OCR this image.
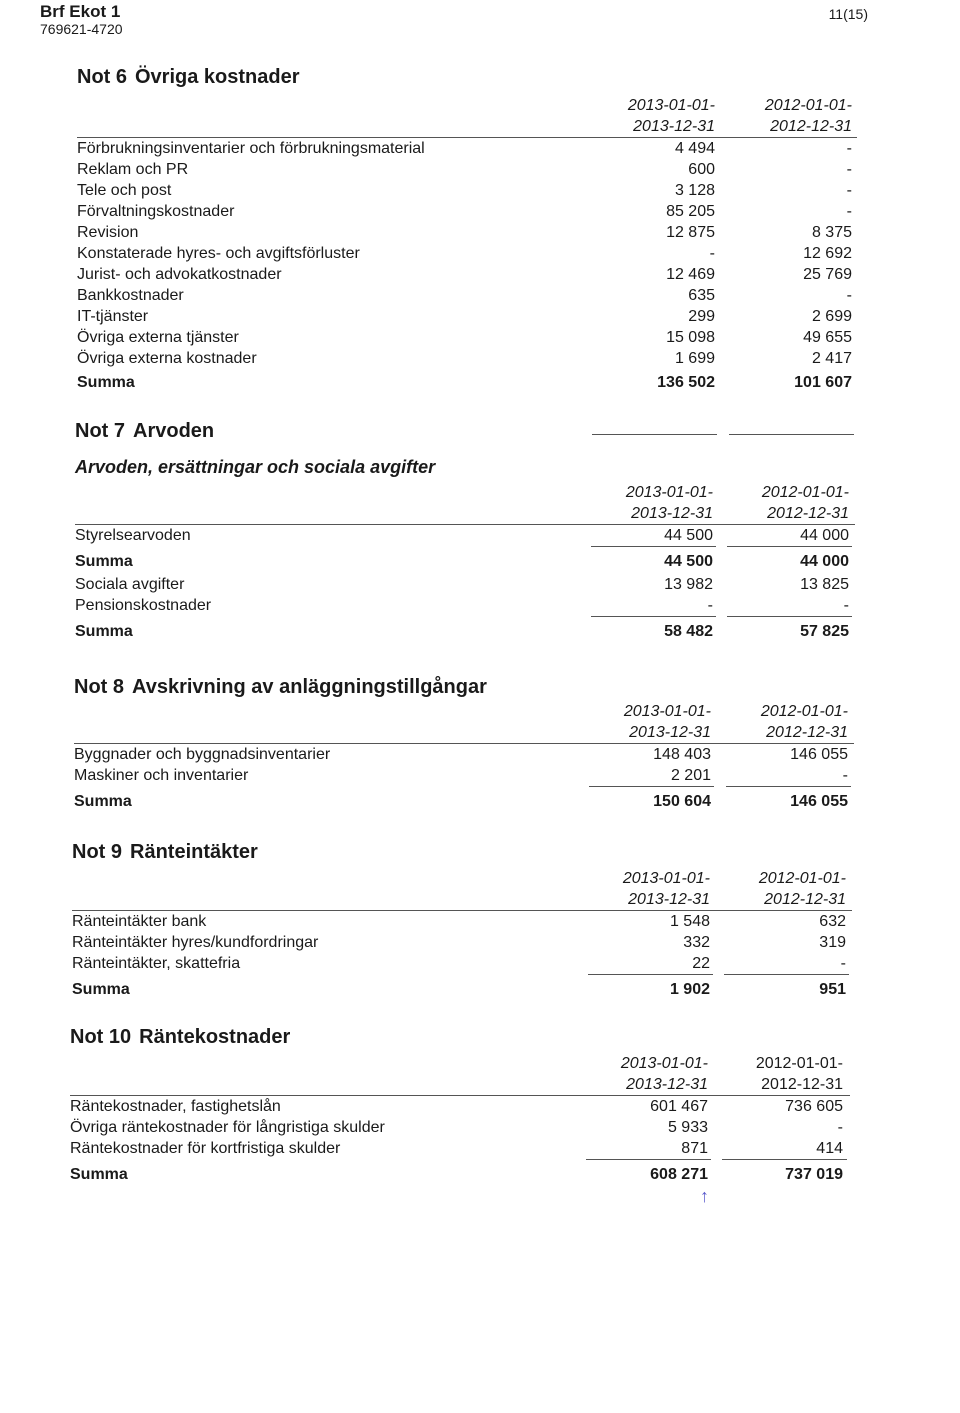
Brf Ekot 1
769621-4720
11(15)
Not 6 Övriga kostnader
2013-01-01-
2013-12-31
2012-01-01-
2012-12-31
Förbrukningsinventarier och förbrukningsmaterial	4 494	-
Reklam och PR	600	-
Tele och post	3 128	-
Förvaltningskostnader	85 205	-
Revision	12 875	8 375
Konstaterade hyres- och avgiftsförluster	-	12 692
Jurist- och advokatkostnader	12 469	25 769
Bankkostnader	635	-
IT-tjänster	299	2 699
Övriga externa tjänster	15 098	49 655
Övriga externa kostnader	1 699	2 417
Summa	136 502	101 607
Not 7 Arvoden
Arvoden, ersättningar och sociala avgifter
2013-01-01-
2013-12-31
2012-01-01-
2012-12-31
Styrelsearvoden	44 500	44 000
Summa	44 500	44 000
Sociala avgifter	13 982	13 825
Pensionskostnader	-	-
Summa	58 482	57 825
Not 8 Avskrivning av anläggningstillgångar
2013-01-01-
2013-12-31
2012-01-01-
2012-12-31
Byggnader och byggnadsinventarier	148 403	146 055
Maskiner och inventarier	2 201	-
Summa	150 604	146 055
Not 9 Ränteintäkter
2013-01-01-
2013-12-31
2012-01-01-
2012-12-31
Ränteintäkter bank	1 548	632
Ränteintäkter hyres/kundfordringar	332	319
Ränteintäkter, skattefria	22	-
Summa	1 902	951
Not 10 Räntekostnader
2013-01-01-
2013-12-31
2012-01-01-
2012-12-31
Räntekostnader, fastighetslån	601 467	736 605
Övriga räntekostnader för långristiga skulder	5 933	-
Räntekostnader för kortfristiga skulder	871	414
Summa	608 271	737 019
↑
